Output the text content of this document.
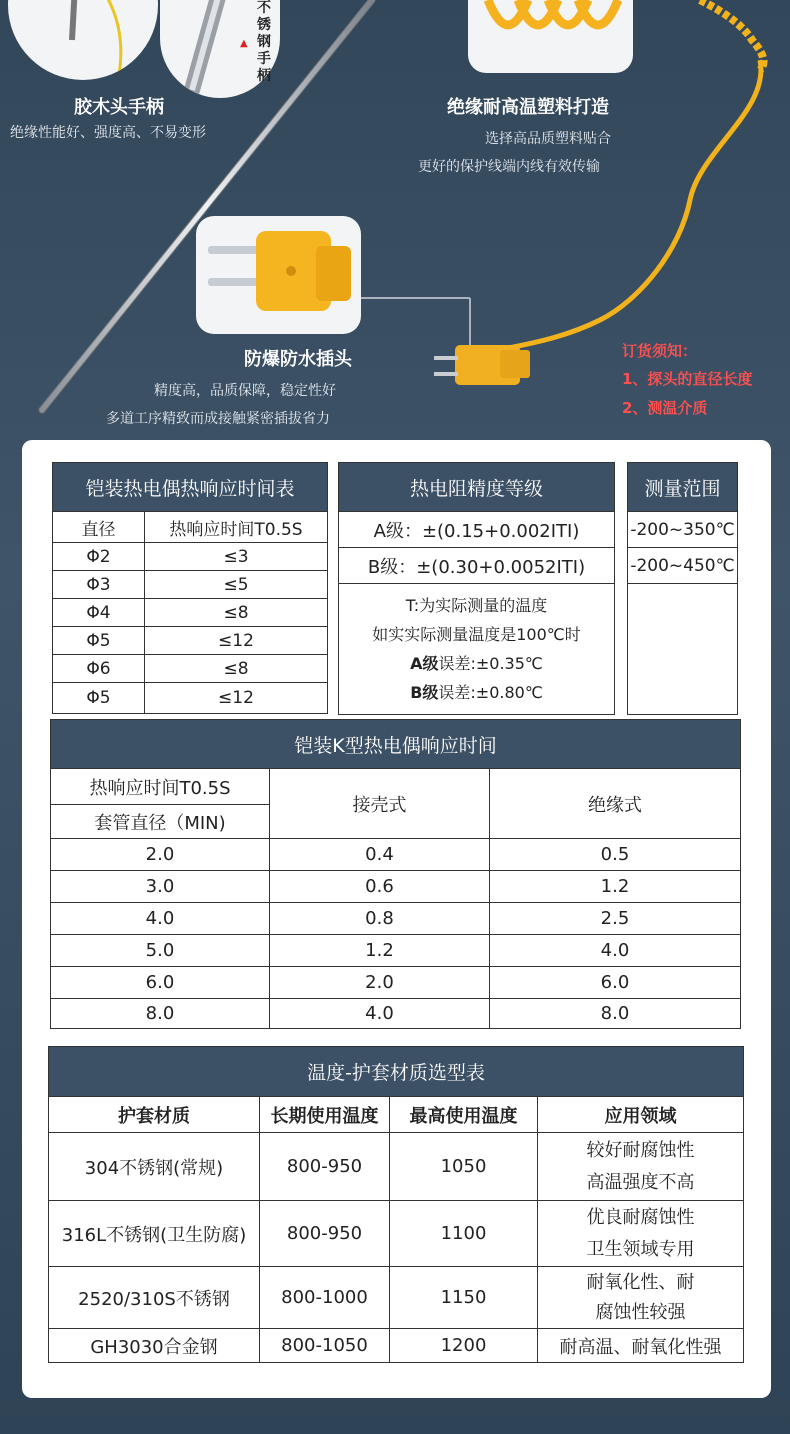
不锈钢手柄
▲
胶木头手柄
绝缘性能好、强度高、不易变形
绝缘耐高温塑料打造
选择高品质塑料贴合
更好的保护线端内线有效传输
防爆防水插头
精度高，品质保障，稳定性好
多道工序精致而成接触紧密插拔省力
订货须知：
1、探头的直径长度
2、测温介质
铠装热电偶热响应时间表	
直径	热响应时间T0.5S
Φ2	≤3
Φ3	≤5
Φ4	≤8
Φ5	≤12
Φ6	≤8
Φ5	≤12
热电阻精度等级
A级：±(0.15+0.002ITI)
B级：±(0.30+0.0052ITI)

T:为实际测量的温度
如实实际测量温度是100℃时
A级误差:±0.35℃
B级误差:±0.80℃
测量范围
-200~350℃
-200~450℃

铠装K型热电偶响应时间		
热响应时间T0.5S	接壳式	绝缘式
套管直径（MIN)		
2.0	0.4	0.5
3.0	0.6	1.2
4.0	0.8	2.5
5.0	1.2	4.0
6.0	2.0	6.0
8.0	4.0	8.0
温度-护套材质选型表			
护套材质	长期使用温度	最高使用温度	应用领域
304不锈钢(常规)	800-950	1050	较好耐腐蚀性
高温强度不高

316L不锈钢(卫生防腐)	800-950	1100	优良耐腐蚀性
卫生领域专用

2520/310S不锈钢	800-1000	1150	耐氧化性、耐
腐蚀性较强

GH3030合金钢	800-1050	1200	耐高温、耐氧化性强
